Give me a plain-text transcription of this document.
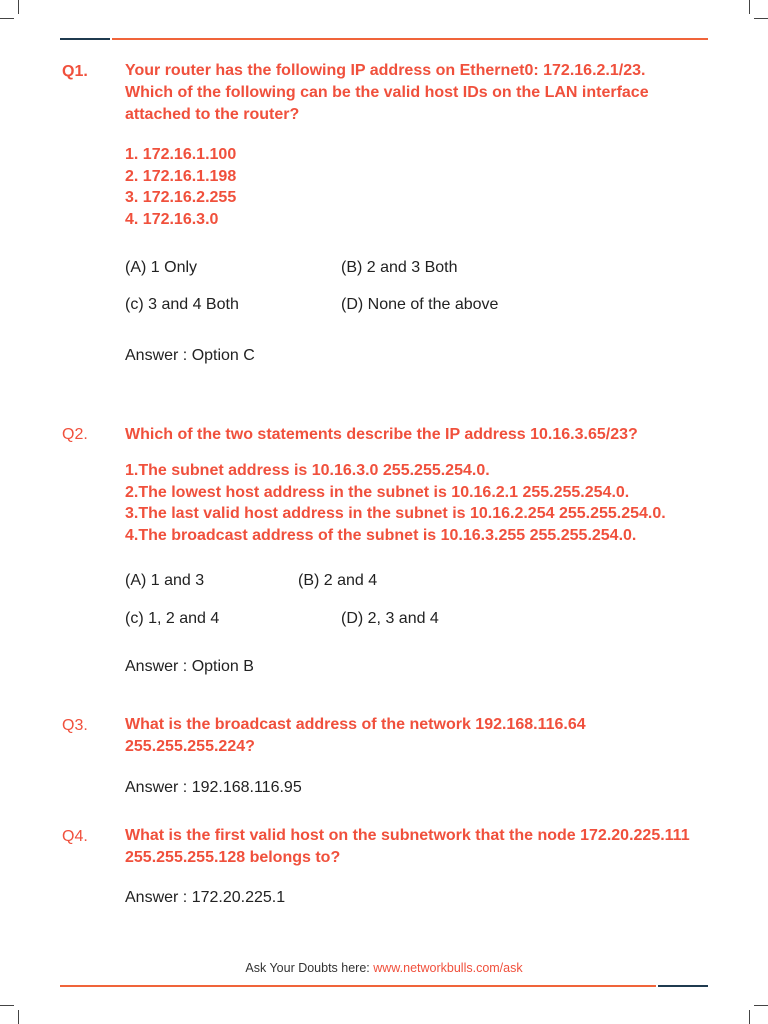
Q1. Your router has the following IP address on Ethernet0: 172.16.2.1/23.
Which of the following can be the valid host IDs on the LAN interface
attached to the router?
1. 172.16.1.100
2. 172.16.1.198
3. 172.16.2.255
4. 172.16.3.0
(A) 1 Only	(B) 2 and 3 Both
(c) 3 and 4 Both	(D) None of the above
Answer : Option C
Q2. Which of the two statements describe the IP address 10.16.3.65/23?
1.The subnet address is 10.16.3.0 255.255.254.0.
2.The lowest host address in the subnet is 10.16.2.1 255.255.254.0.
3.The last valid host address in the subnet is 10.16.2.254 255.255.254.0.
4.The broadcast address of the subnet is 10.16.3.255 255.255.254.0.
(A) 1 and 3	(B) 2 and 4
(c) 1, 2 and 4	(D) 2, 3 and 4
Answer : Option B
Q3. What is the broadcast address of the network 192.168.116.64
255.255.255.224?
Answer : 192.168.116.95
Q4. What is the first valid host on the subnetwork that the node 172.20.225.111
255.255.255.128 belongs to?
Answer : 172.20.225.1
Ask Your Doubts here: www.networkbulls.com/ask
